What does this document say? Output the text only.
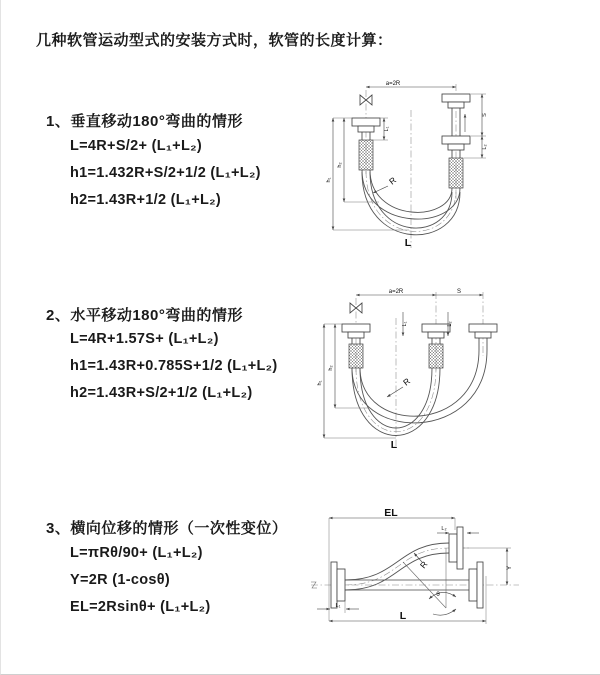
几种软管运动型式的安装方式时，软管的长度计算：
1、垂直移动180°弯曲的情形
L=4R+S/2+ (L₁+L₂)
h1=1.432R+S/2+1/2 (L₁+L₂)
h2=1.43R+1/2 (L₁+L₂)
2、水平移动180°弯曲的情形
L=4R+1.57S+ (L₁+L₂)
h1=1.43R+0.785S+1/2 (L₁+L₂)
h2=1.43R+S/2+1/2 (L₁+L₂)
3、横向位移的情形（一次性变位）
L=πRθ/90+ (L₁+L₂)
Y=2R (1-cosθ)
EL=2Rsinθ+ (L₁+L₂)
a=2R
L₁
S
L₂
h₁
h₂
R
L
a=2R	S
L₁	L₂
h₁
h₂
R
L
EL
L₂
Y
θ
R
L
L₁
